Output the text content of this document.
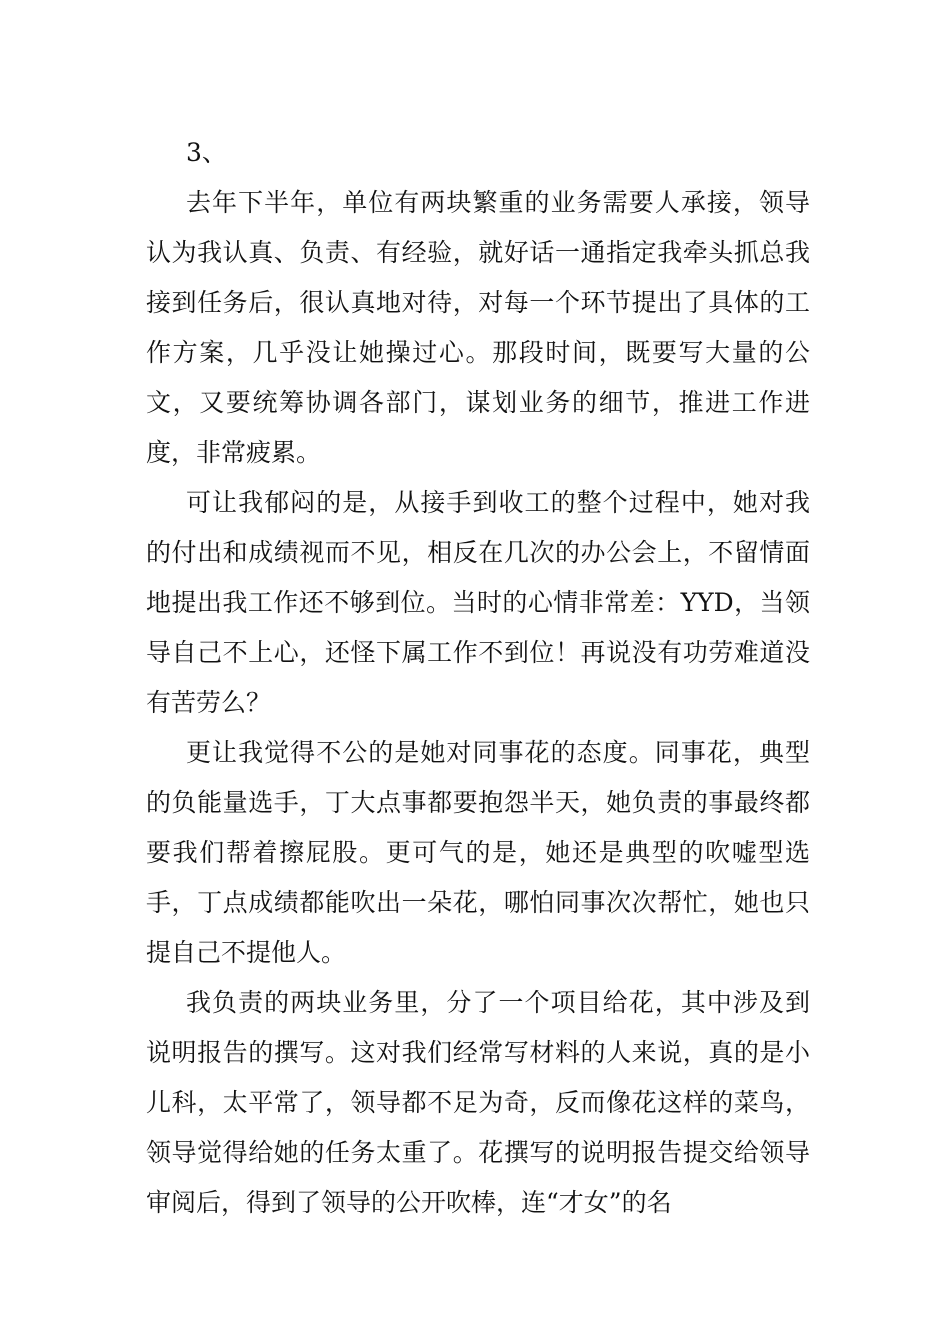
3、

去年下半年，单位有两块繁重的业务需要人承接，领导认为我认真、负责、有经验，就好话一通指定我牵头抓总我接到任务后，很认真地对待，对每一个环节提出了具体的工作方案，几乎没让她操过心。那段时间，既要写大量的公文，又要统筹协调各部门，谋划业务的细节，推进工作进度，非常疲累。

可让我郁闷的是，从接手到收工的整个过程中，她对我的付出和成绩视而不见，相反在几次的办公会上，不留情面地提出我工作还不够到位。当时的心情非常差：YYD，当领导自己不上心，还怪下属工作不到位！再说没有功劳难道没有苦劳么？

更让我觉得不公的是她对同事花的态度。同事花，典型的负能量选手，丁大点事都要抱怨半天，她负责的事最终都要我们帮着擦屁股。更可气的是，她还是典型的吹嘘型选手，丁点成绩都能吹出一朵花，哪怕同事次次帮忙，她也只提自己不提他人。

我负责的两块业务里，分了一个项目给花，其中涉及到说明报告的撰写。这对我们经常写材料的人来说，真的是小儿科，太平常了，领导都不足为奇，反而像花这样的菜鸟，领导觉得给她的任务太重了。花撰写的说明报告提交给领导审阅后，得到了领导的公开吹棒，连“才女”的名
